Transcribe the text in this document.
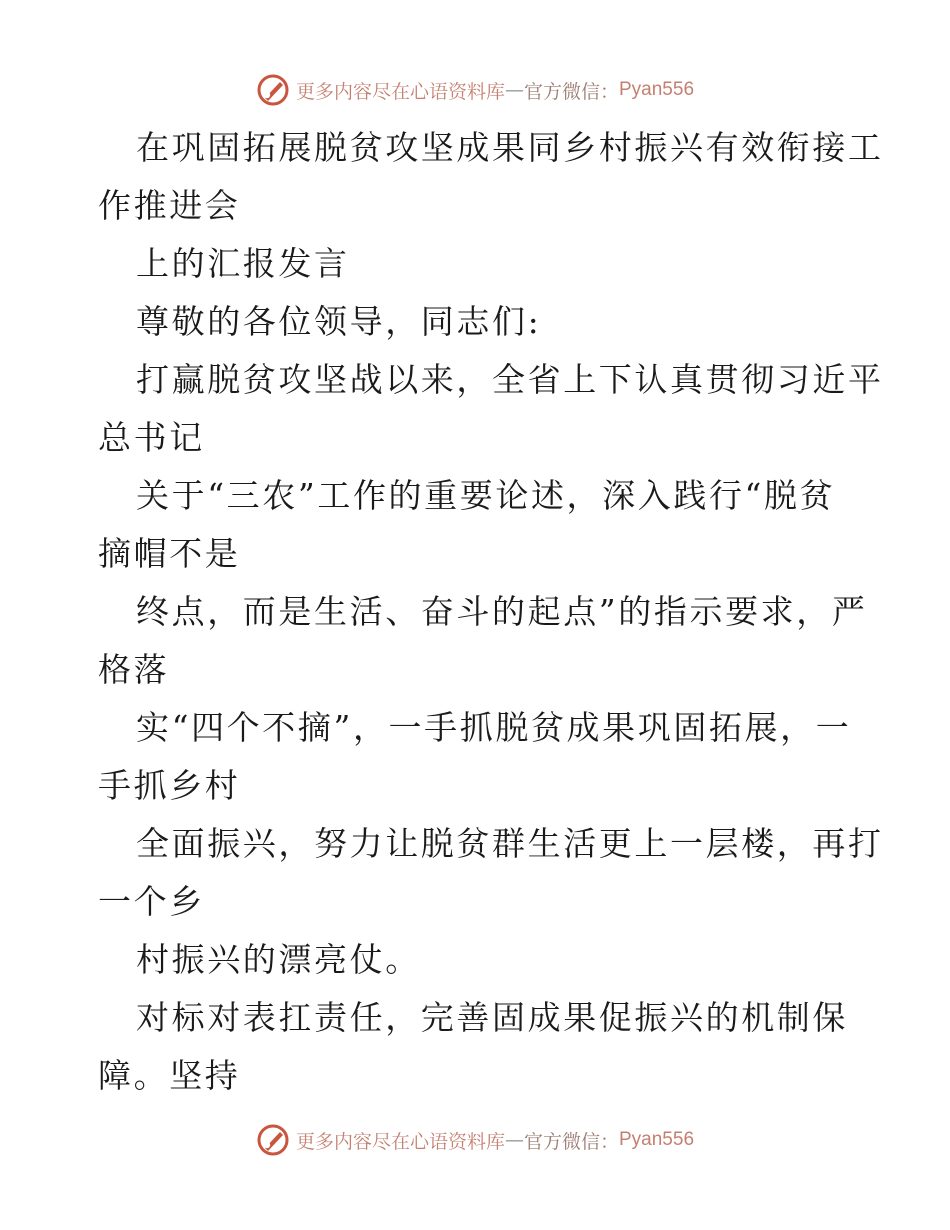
更多内容尽在心语资料库 — 官方微信： Pyan556
在巩固拓展脱贫攻坚成果同乡村振兴有效衔接工
作推进会
上的汇报发言
尊敬的各位领导，同志们:
打赢脱贫攻坚战以来，全省上下认真贯彻习近平
总书记
关于“三农”工作的重要论述，深入践行“脱贫
摘帽不是
终点，而是生活、奋斗的起点”的指示要求，严
格落
实“四个不摘”，一手抓脱贫成果巩固拓展，一
手抓乡村
全面振兴，努力让脱贫群生活更上一层楼，再打
一个乡
村振兴的漂亮仗。
对标对表扛责任，完善固成果促振兴的机制保
障。坚持
更多内容尽在心语资料库 — 官方微信： Pyan556
